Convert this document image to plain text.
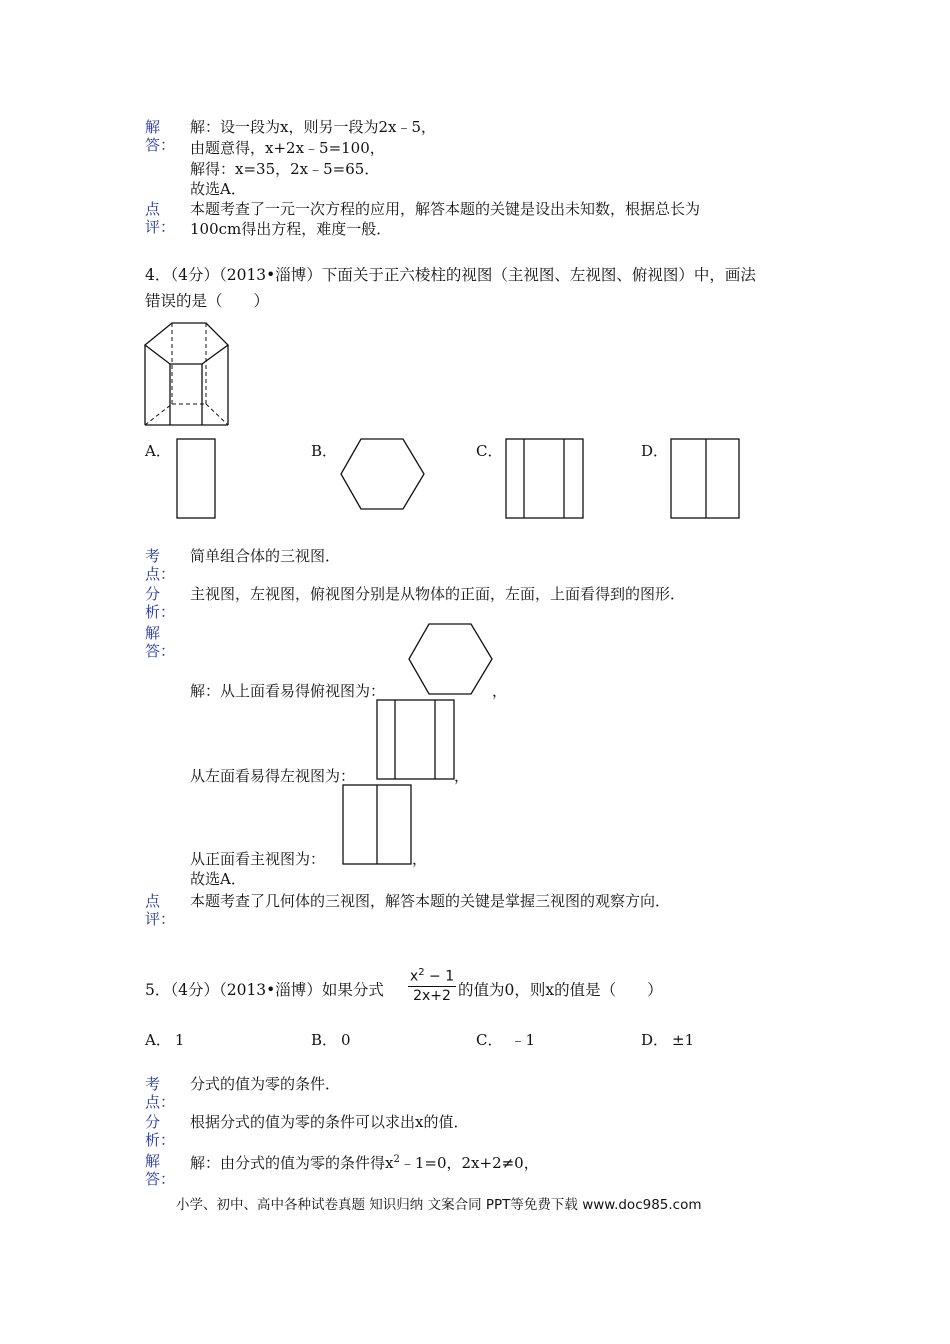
解
答：
解：设一段为x，则另一段为2x﹣5，
由题意得，x+2x﹣5=100，
解得：x=35，2x﹣5=65．
故选A．
点
评：
本题考查了一元一次方程的应用，解答本题的关键是设出未知数，根据总长为
100cm得出方程，难度一般．
4．（4分）（2013•淄博）下面关于正六棱柱的视图（主视图、左视图、俯视图）中，画法
错误的是（　　）
A．	B．	C．	D．
考
点：
简单组合体的三视图．
分
析：
主视图，左视图，俯视图分别是从物体的正面，左面，上面看得到的图形．
解
答：
解：从上面看易得俯视图为：	，
从左面看易得左视图为：	，
从正面看主视图为：	，
故选A．
点
评：
本题考查了几何体的三视图，解答本题的关键是掌握三视图的观察方向．
5．（4分）（2013•淄博）如果分式
$x^2 - 1$
2x+2 的值为0，则x的值是（　　）
A． 1	B． 0	C． ﹣1	D． ±1
考
点：
分式的值为零的条件．
分
析：
根据分式的值为零的条件可以求出x的值．
解
答：
解：由分式的值为零的条件得$x^2﹣1=0$，2x+2≠0，
小学、初中、高中各种试卷真题 知识归纳 文案合同 PPT等免费下载 www.doc985.com
